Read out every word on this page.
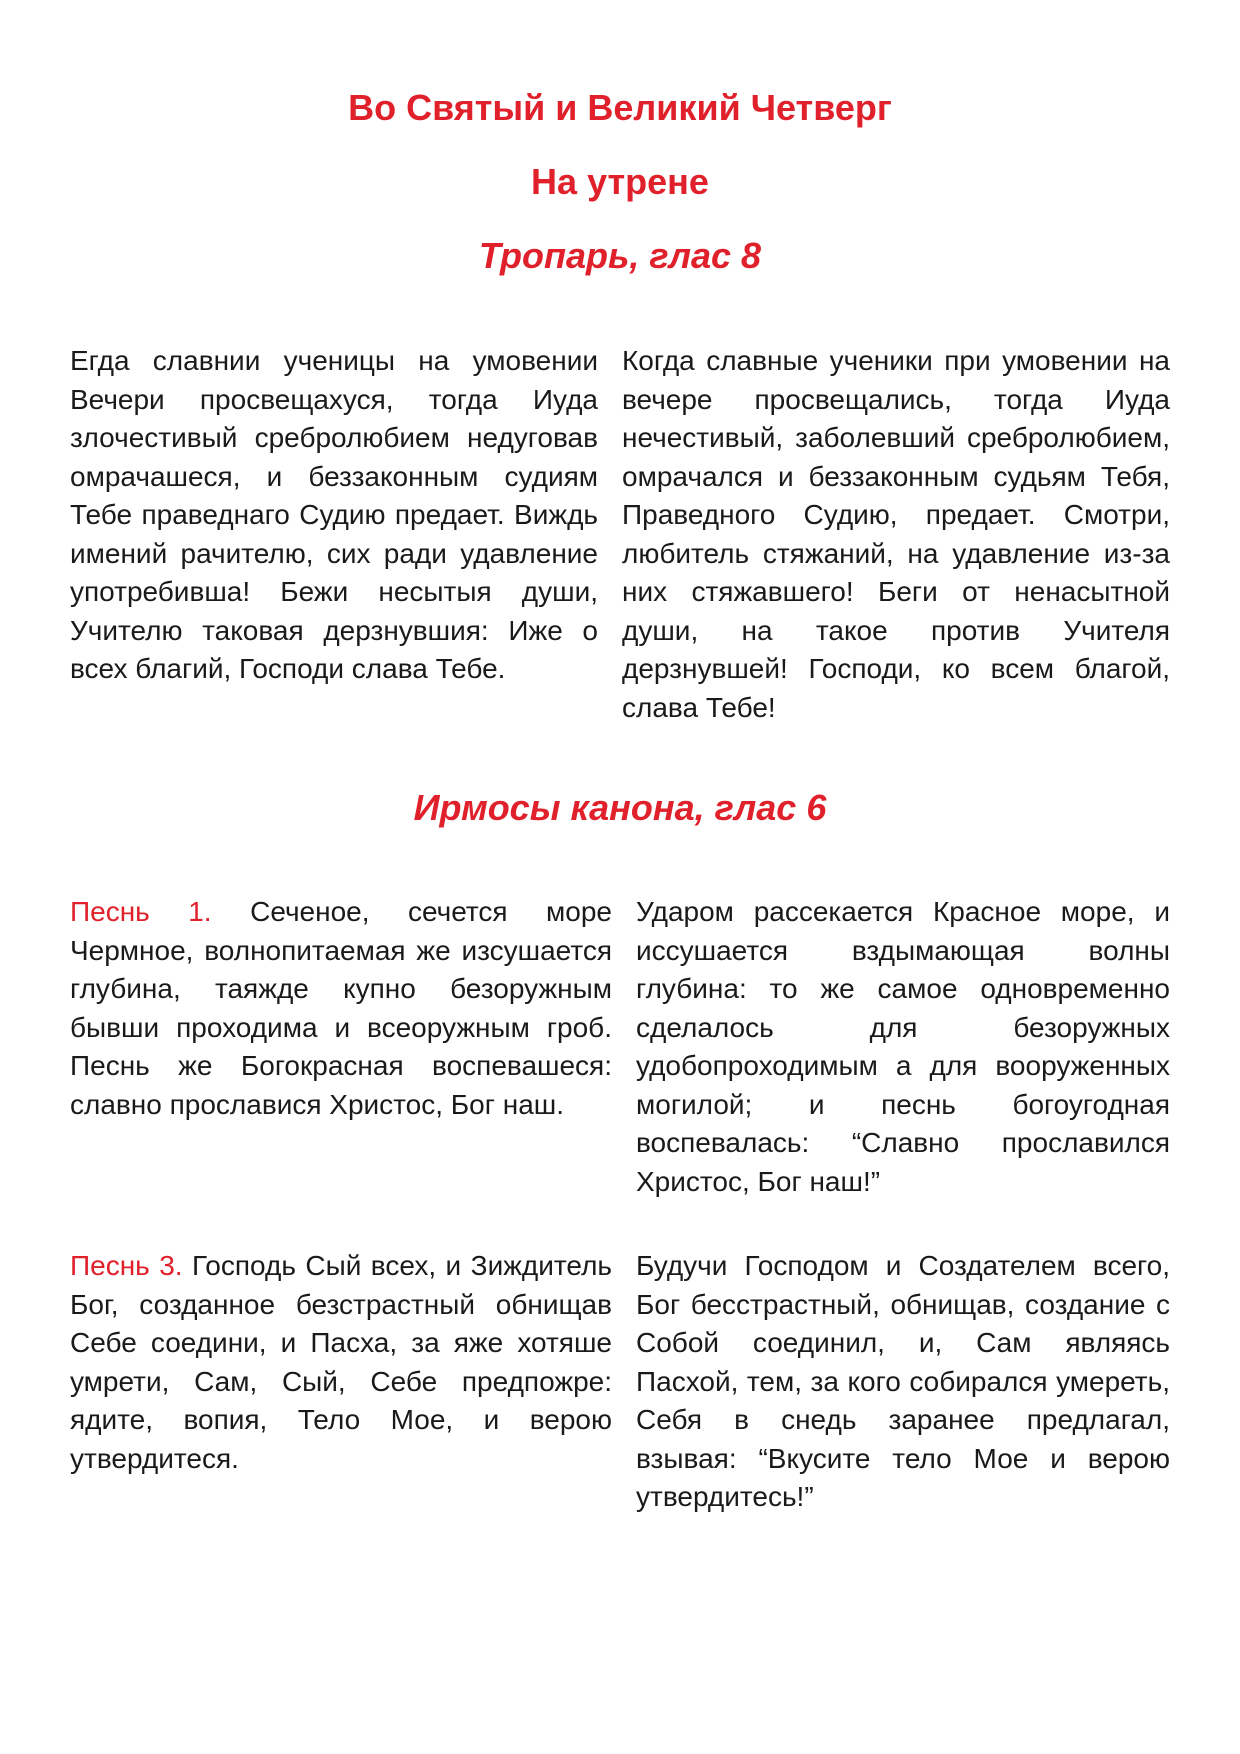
Во Святый и Великий Четверг
На утрене
Тропарь, глас 8

Егда славнии ученицы на умовении Вечери просвещахуся, тогда Иуда злочестивый сребролюбием недуговав омрачашеся, и беззаконным судиям Тебе праведнаго Судию предает. Виждь имений рачителю, сих ради удавление употребивша! Бежи несытыя души, Учителю таковая дерзнувшия: Иже о всех благий, Господи слава Тебе.

Когда славные ученики при умовении на вечере просвещались, тогда Иуда нечестивый, заболевший сребролюбием, омрачался и беззаконным судьям Тебя, Праведного Судию, предает. Смотри, любитель стяжаний, на удавление из-за них стяжавшего! Беги от ненасытной души, на такое против Учителя дерзнувшей! Господи, ко всем благой, слава Тебе!

Ирмосы канона, глас 6

Песнь 1. Сеченое, сечется море Чермное, волнопитаемая же изсушается глубина, таяжде купно безоружным бывши проходима и всеоружным гроб. Песнь же Богокрасная воспевашеся: славно прославися Христос, Бог наш.

Ударом рассекается Красное море, и иссушается вздымающая волны глубина: то же самое одновременно сделалось для безоружных удобопроходимым а для вооруженных могилой; и песнь богоугодная воспевалась: “Славно прославился Христос, Бог наш!”

Песнь 3. Господь Сый всех, и Зиждитель Бог, созданное безстрастный обнищав Себе соедини, и Пасха, за яже хотяше умрети, Сам, Сый, Себе предпожре: ядите, вопия, Тело Мое, и верою утвердитеся.

Будучи Господом и Создателем всего, Бог бесстрастный, обнищав, создание с Собой соединил, и, Сам являясь Пасхой, тем, за кого собирался умереть, Себя в снедь заранее предлагал, взывая: “Вкусите тело Мое и верою утвердитесь!”
